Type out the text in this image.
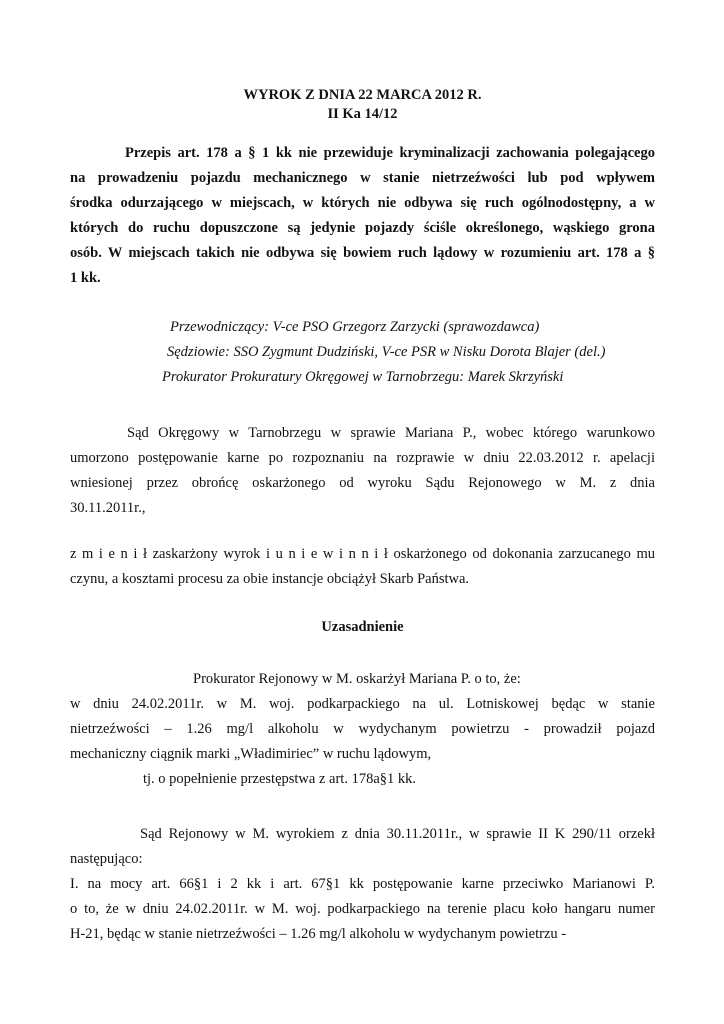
WYROK Z DNIA 22 MARCA 2012 R.
II Ka 14/12
Przepis art. 178 a § 1 kk nie przewiduje kryminalizacji zachowania polegającego
na prowadzeniu pojazdu mechanicznego w stanie nietrzeźwości lub pod wpływem
środka odurzającego w miejscach, w których nie odbywa się ruch ogólnodostępny, a w
których do ruchu dopuszczone są jedynie pojazdy ściśle określonego, wąskiego grona
osób. W miejscach takich nie odbywa się bowiem ruch lądowy w rozumieniu art. 178 a §
1 kk.
Przewodniczący: V-ce PSO Grzegorz Zarzycki (sprawozdawca)
Sędziowie: SSO Zygmunt Dudziński, V-ce PSR w Nisku Dorota Blajer (del.)
Prokurator Prokuratury Okręgowej w Tarnobrzegu: Marek Skrzyński
Sąd Okręgowy w Tarnobrzegu w sprawie Mariana P., wobec którego warunkowo
umorzono postępowanie karne po rozpoznaniu na rozprawie w dniu 22.03.2012 r. apelacji
wniesionej przez obrońcę oskarżonego od wyroku Sądu Rejonowego w M. z dnia
30.11.2011r.,
z m i e n i ł zaskarżony wyrok i u n i e w i n n i ł oskarżonego od dokonania zarzucanego mu
czynu, a kosztami procesu za obie instancje obciążył Skarb Państwa.
Uzasadnienie
Prokurator Rejonowy w M. oskarżył Mariana P. o to, że:
w dniu 24.02.2011r. w M. woj. podkarpackiego na ul. Lotniskowej będąc w stanie
nietrzeźwości – 1.26 mg/l alkoholu w wydychanym powietrzu - prowadził pojazd
mechaniczny ciągnik marki „Władimiriec” w ruchu lądowym,
tj. o popełnienie przestępstwa z art. 178a§1 kk.
Sąd Rejonowy w M. wyrokiem z dnia 30.11.2011r., w sprawie II K 290/11 orzekł
następująco:
I. na mocy art. 66§1 i 2 kk i art. 67§1 kk postępowanie karne przeciwko Marianowi P.
o to, że w dniu 24.02.2011r. w M. woj. podkarpackiego na terenie placu koło hangaru numer
H-21, będąc w stanie nietrzeźwości – 1.26 mg/l alkoholu w wydychanym powietrzu -
